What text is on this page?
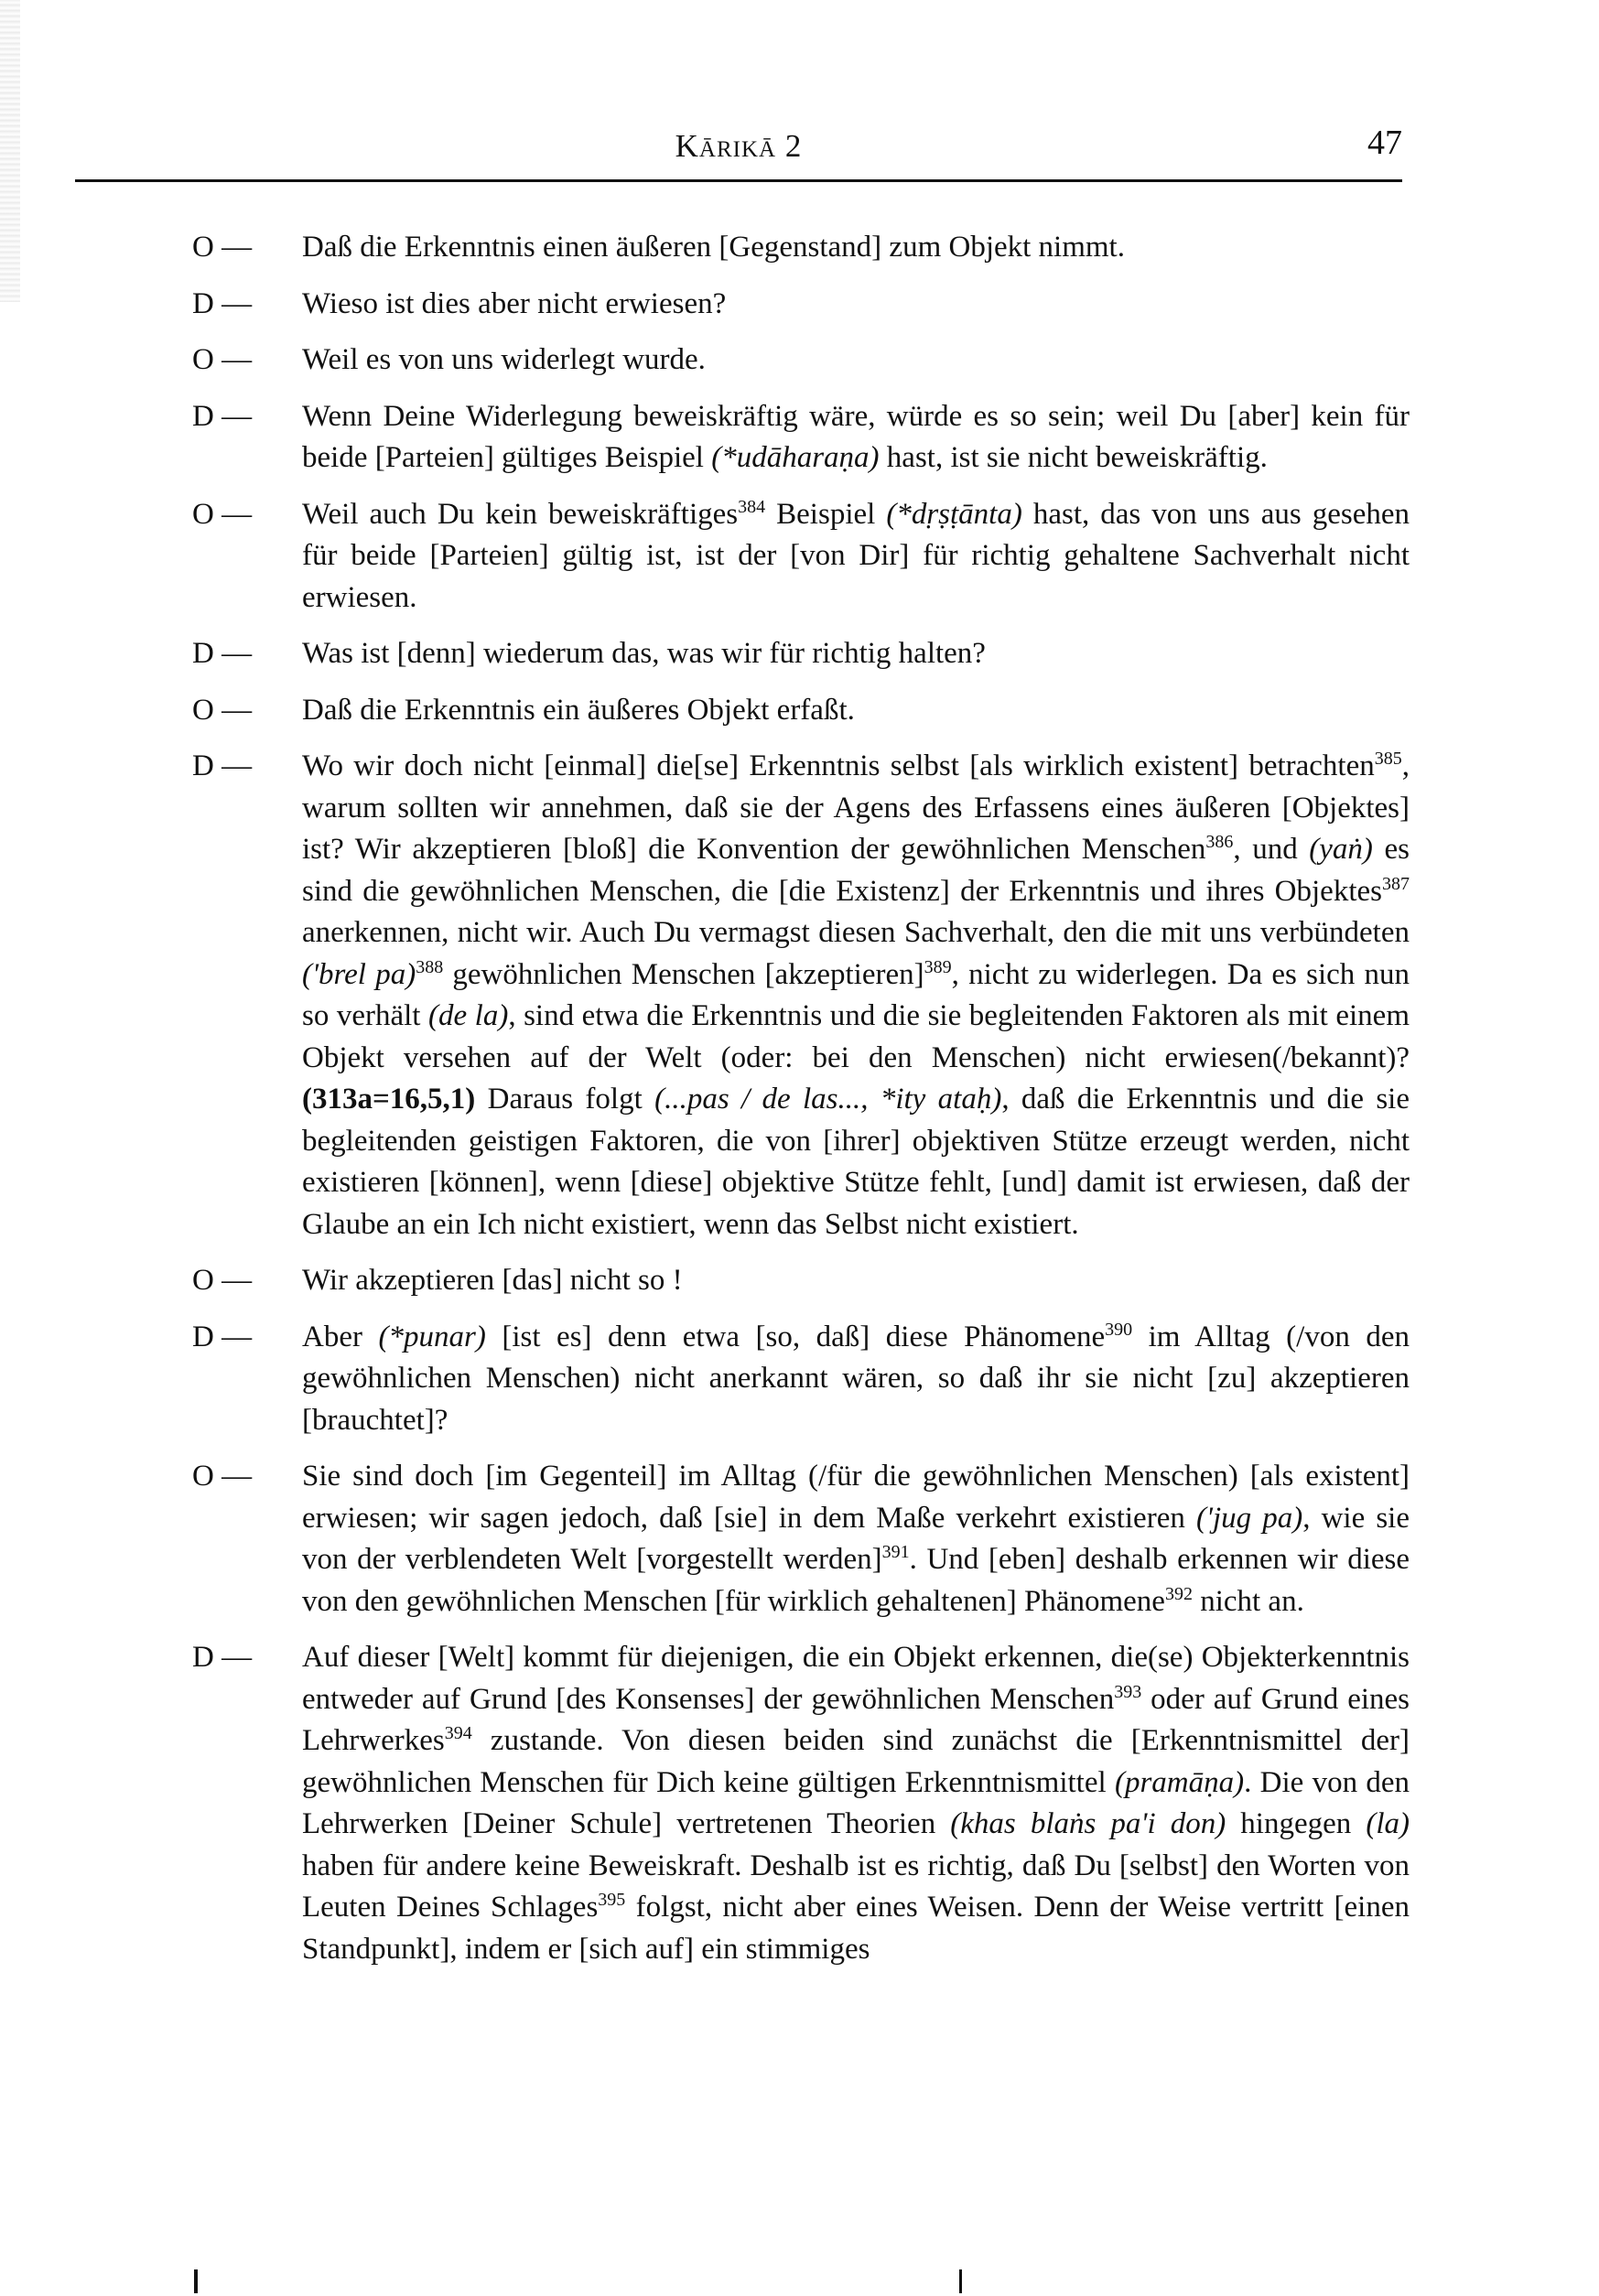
Kārikā 2	47
O —	Daß die Erkenntnis einen äußeren [Gegenstand] zum Objekt nimmt.
D —	Wieso ist dies aber nicht erwiesen?
O —	Weil es von uns widerlegt wurde.
D —	Wenn Deine Widerlegung beweiskräftig wäre, würde es so sein; weil Du [aber] kein für beide [Parteien] gültiges Beispiel (*udāharaṇa) hast, ist sie nicht beweiskräftig.
O —	Weil auch Du kein beweiskräftiges$^{384}$ Beispiel (*dṛṣṭānta) hast, das von uns aus gesehen für beide [Parteien] gültig ist, ist der [von Dir] für richtig gehaltene Sachverhalt nicht erwiesen.
D —	Was ist [denn] wiederum das, was wir für richtig halten?
O —	Daß die Erkenntnis ein äußeres Objekt erfaßt.
D —	Wo wir doch nicht [einmal] die[se] Erkenntnis selbst [als wirklich existent] betrachten$^{385}$, warum sollten wir annehmen, daß sie der Agens des Erfassens eines äußeren [Objektes] ist? Wir akzeptieren [bloß] die Konvention der gewöhnlichen Menschen$^{386}$, und (yaṅ) es sind die gewöhnlichen Menschen, die [die Existenz] der Erkenntnis und ihres Objektes$^{387}$ anerkennen, nicht wir. Auch Du vermagst diesen Sachverhalt, den die mit uns verbündeten ('brel pa)$^{388}$ gewöhnlichen Menschen [akzeptieren]$^{389}$, nicht zu widerlegen. Da es sich nun so verhält (de la), sind etwa die Erkenntnis und die sie begleitenden Faktoren als mit einem Objekt versehen auf der Welt (oder: bei den Menschen) nicht erwiesen(/bekannt)? (313a=16,5,1) Daraus folgt (...pas / de las..., *ity ataḥ), daß die Erkenntnis und die sie begleitenden geistigen Faktoren, die von [ihrer] objektiven Stütze erzeugt werden, nicht existieren [können], wenn [diese] objektive Stütze fehlt, [und] damit ist erwiesen, daß der Glaube an ein Ich nicht existiert, wenn das Selbst nicht existiert.
O —	Wir akzeptieren [das] nicht so !
D —	Aber (*punar) [ist es] denn etwa [so, daß] diese Phänomene$^{390}$ im Alltag (/von den gewöhnlichen Menschen) nicht anerkannt wären, so daß ihr sie nicht [zu] akzeptieren [brauchtet]?
O —	Sie sind doch [im Gegenteil] im Alltag (/für die gewöhnlichen Menschen) [als existent] erwiesen; wir sagen jedoch, daß [sie] in dem Maße verkehrt existieren ('jug pa), wie sie von der verblendeten Welt [vorgestellt werden]$^{391}$. Und [eben] deshalb erkennen wir diese von den gewöhnlichen Menschen [für wirklich gehaltenen] Phänomene$^{392}$ nicht an.
D —	Auf dieser [Welt] kommt für diejenigen, die ein Objekt erkennen, die(se) Objekterkenntnis entweder auf Grund [des Konsenses] der gewöhnlichen Menschen$^{393}$ oder auf Grund eines Lehrwerkes$^{394}$ zustande. Von diesen beiden sind zunächst die [Erkenntnismittel der] gewöhnlichen Menschen für Dich keine gültigen Erkenntnismittel (pramāṇa). Die von den Lehrwerken [Deiner Schule] vertretenen Theorien (khas blaṅs pa'i don) hingegen (la) haben für andere keine Beweiskraft. Deshalb ist es richtig, daß Du [selbst] den Worten von Leuten Deines Schlages$^{395}$ folgst, nicht aber eines Weisen. Denn der Weise vertritt [einen Standpunkt], indem er [sich auf] ein stimmiges
